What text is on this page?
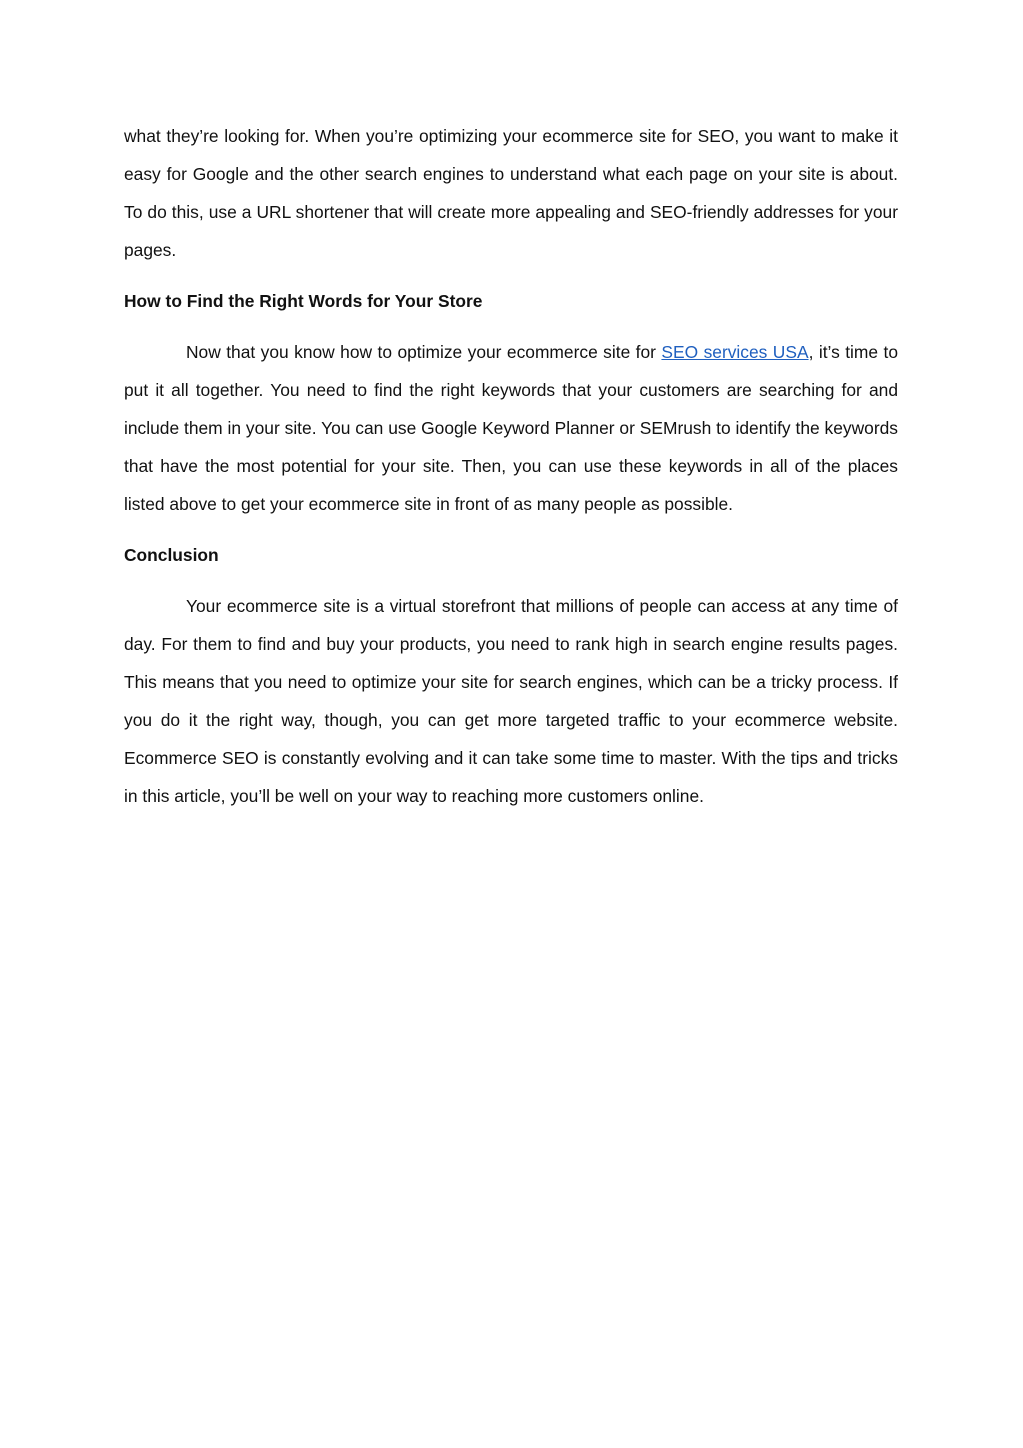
what they’re looking for. When you’re optimizing your ecommerce site for SEO, you want to make it easy for Google and the other search engines to understand what each page on your site is about. To do this, use a URL shortener that will create more appealing and SEO-friendly addresses for your pages.

How to Find the Right Words for Your Store

Now that you know how to optimize your ecommerce site for SEO services USA, it’s time to put it all together. You need to find the right keywords that your customers are searching for and include them in your site. You can use Google Keyword Planner or SEMrush to identify the keywords that have the most potential for your site. Then, you can use these keywords in all of the places listed above to get your ecommerce site in front of as many people as possible.

Conclusion

Your ecommerce site is a virtual storefront that millions of people can access at any time of day. For them to find and buy your products, you need to rank high in search engine results pages. This means that you need to optimize your site for search engines, which can be a tricky process. If you do it the right way, though, you can get more targeted traffic to your ecommerce website. Ecommerce SEO is constantly evolving and it can take some time to master. With the tips and tricks in this article, you’ll be well on your way to reaching more customers online.
